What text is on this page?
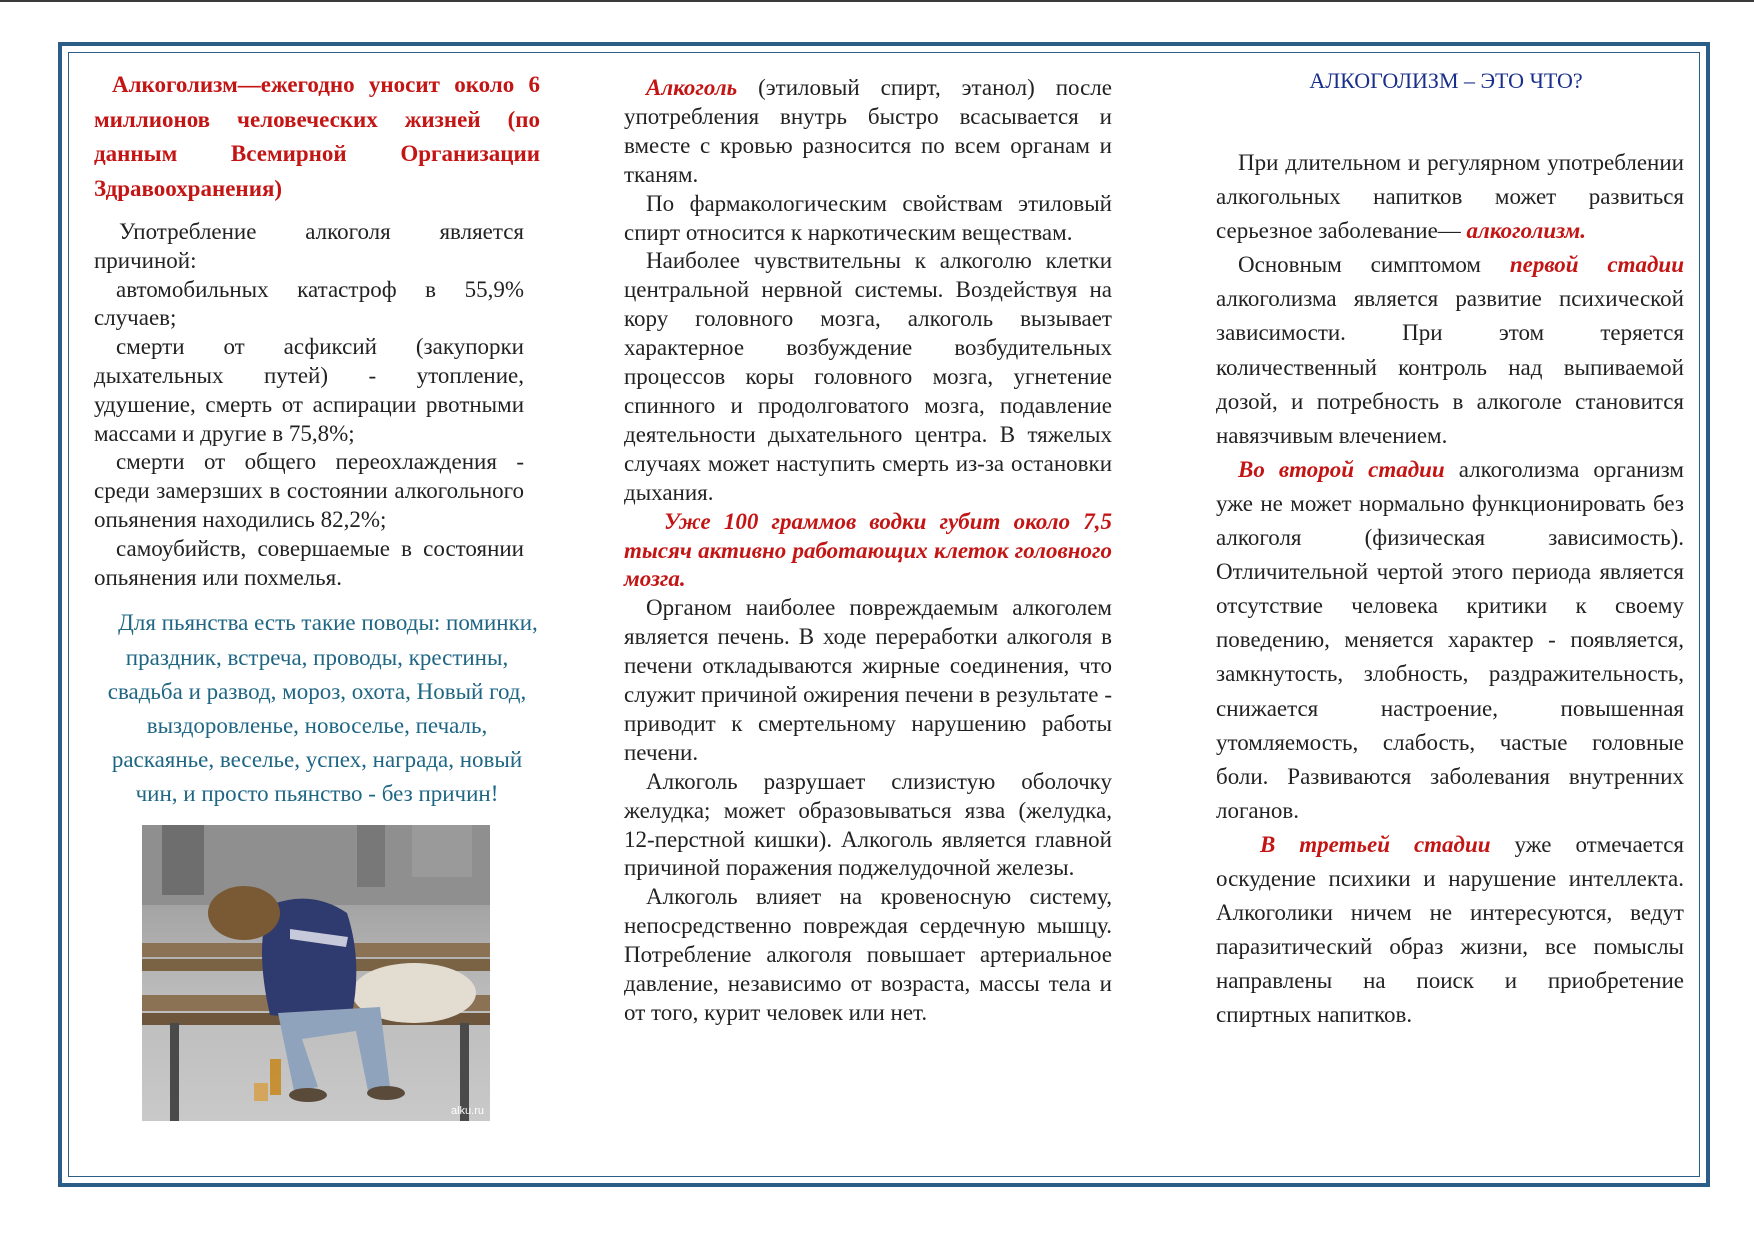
Алкоголизм—ежегодно уносит около 6 миллионов человеческих жизней (по данным Всемирной Организации Здравоохранения)

Употребление алкоголя является причиной:

автомобильных катастроф в 55,9% случаев;

смерти от асфиксий (закупорки дыхательных путей) - утопление, удушение, смерть от аспирации рвотными массами и другие в 75,8%;

смерти от общего переохлаждения - среди замерзших в состоянии алкогольного опьянения находились 82,2%;

самоубийств, совершаемые в состоянии опьянения или похмелья.

Для пьянства есть такие поводы: поминки, праздник, встреча, проводы, крестины, свадьба и развод, мороз, охота, Новый год, выздоровленье, новоселье, печаль, раскаянье, веселье, успех, награда, новый чин, и просто пьянство - без причин!

alku.ru

Алкоголь (этиловый спирт, этанол) после употребления внутрь быстро всасывается и вместе с кровью разносится по всем органам и тканям.

По фармакологическим свойствам этиловый спирт относится к наркотическим веществам.

Наиболее чувствительны к алкоголю клетки центральной нервной системы. Воздействуя на кору головного мозга, алкоголь вызывает характерное возбуждение возбудительных процессов коры головного мозга, угнетение спинного и продолговатого мозга, подавление деятельности дыхательного центра. В тяжелых случаях может наступить смерть из-за остановки дыхания.

Уже 100 граммов водки губит около 7,5 тысяч активно работающих клеток головного мозга.

Органом наиболее повреждаемым алкоголем является печень. В ходе переработки алкоголя в печени откладываются жирные соединения, что служит причиной ожирения печени в результате - приводит к смертельному нарушению работы печени.

Алкоголь разрушает слизистую оболочку желудка; может образовываться язва (желудка, 12-перстной кишки). Алкоголь является главной причиной поражения поджелудочной железы.

Алкоголь влияет на кровеносную систему, непосредственно повреждая сердечную мышцу. Потребление алкоголя повышает артериальное давление, независимо от возраста, массы тела и от того, курит человек или нет.

АЛКОГОЛИЗМ – ЭТО ЧТО?

При длительном и регулярном употреблении алкогольных напитков может развиться серьезное заболевание— алкоголизм.

Основным симптомом первой стадии алкоголизма является развитие психической зависимости. При этом теряется количественный контроль над выпиваемой дозой, и потребность в алкоголе становится навязчивым влечением.

Во второй стадии алкоголизма организм уже не может нормально функционировать без алкоголя (физическая зависимость). Отличительной чертой этого периода является отсутствие человека критики к своему поведению, меняется характер - появляется, замкнутость, злобность, раздражительность, снижается настроение, повышенная утомляемость, слабость, частые головные боли. Развиваются заболевания внутренних логанов.

В третьей стадии уже отмечается оскудение психики и нарушение интеллекта. Алкоголики ничем не интересуются, ведут паразитический образ жизни, все помыслы направлены на поиск и приобретение спиртных напитков.
